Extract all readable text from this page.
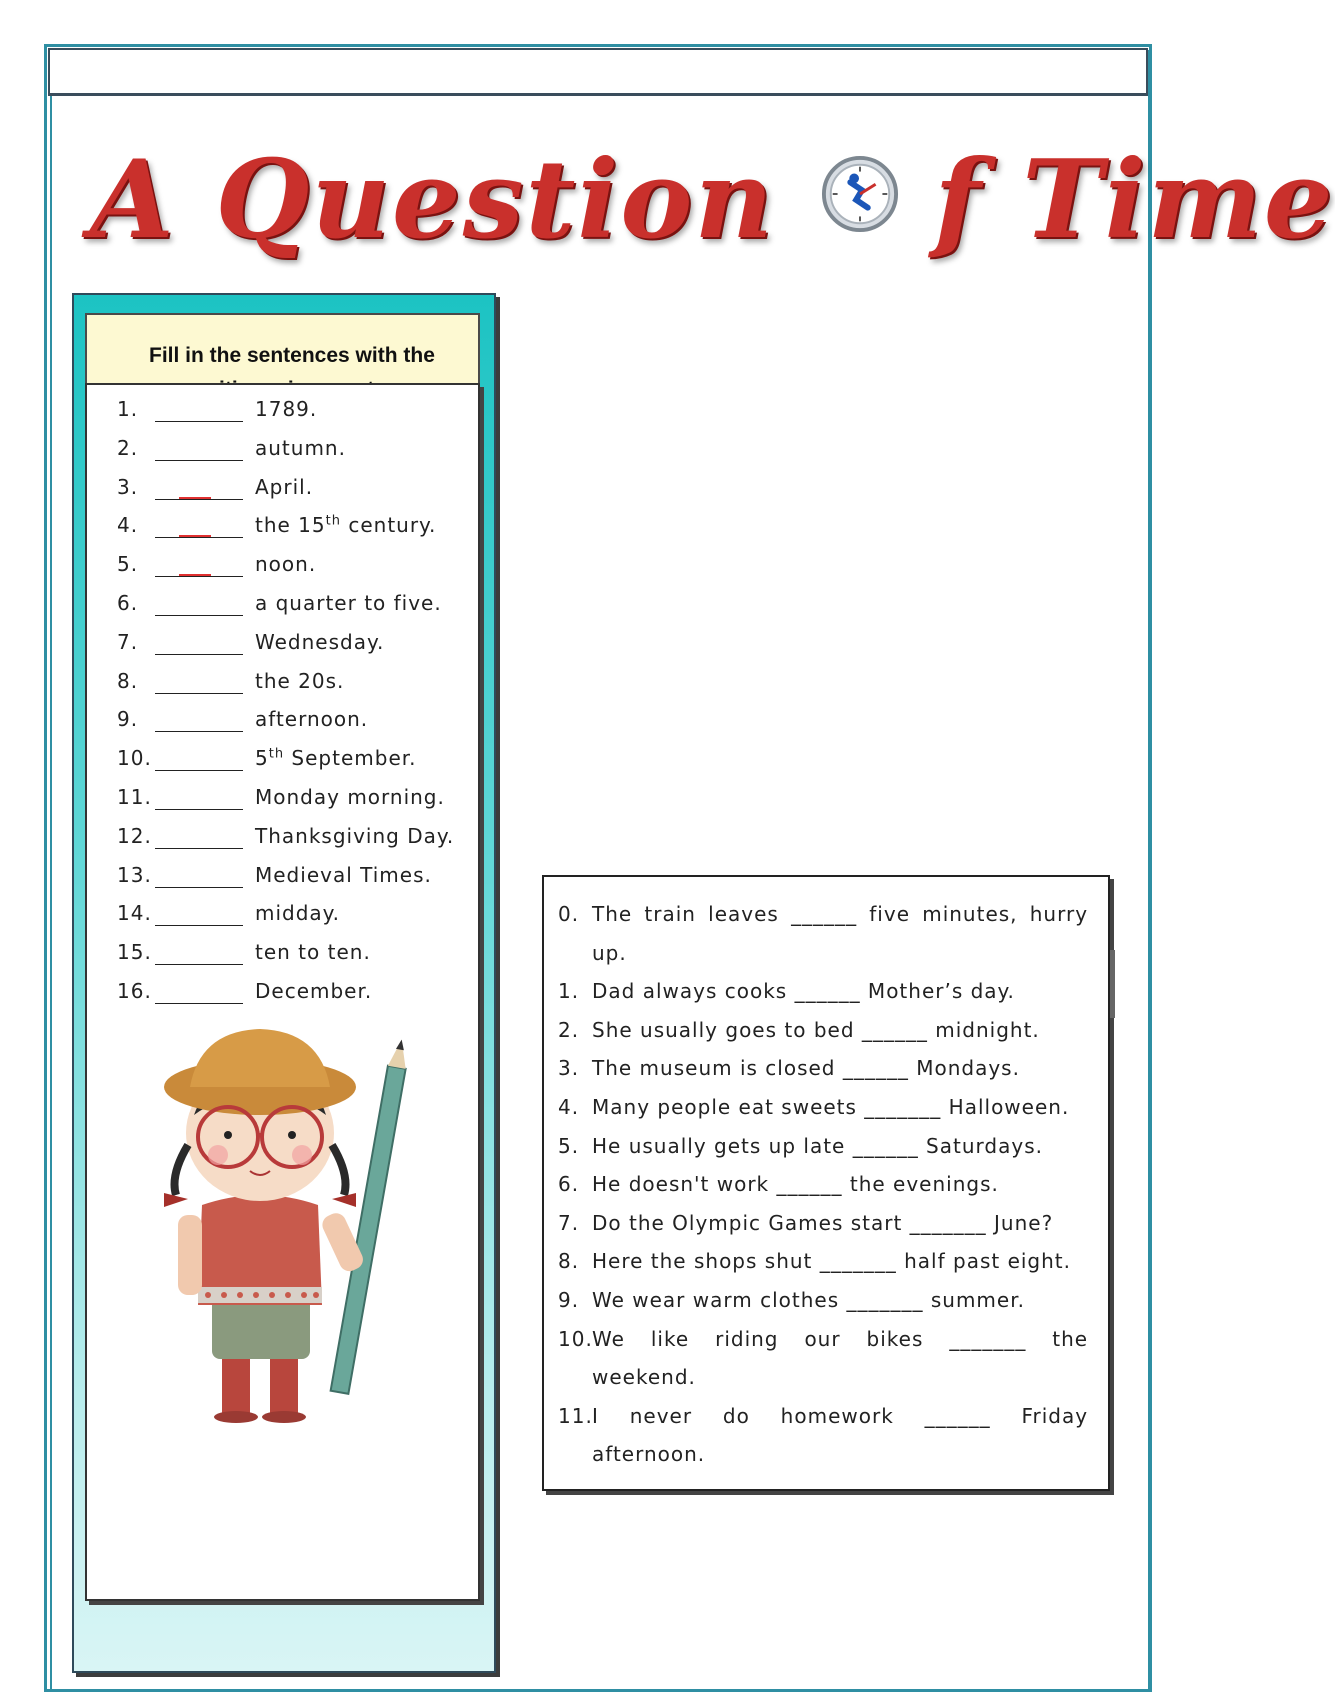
A Question f Time
Fill in the sentences with the
1.	1789.
2.	autumn.
3.	April.
4.	the 15th century.
5.	noon.
6.	a quarter to five.
7.	Wednesday.
8.	the 20s.
9.	afternoon.
10.	5th September.
11.	Monday morning.
12.	Thanksgiving Day.
13.	Medieval Times.
14.	midday.
15.	ten to ten.
16.	December.
0. The train leaves ______ five minutes, hurry
up.
1. Dad always cooks ______ Mother’s day.
2. She usually goes to bed ______ midnight.
3. The museum is closed ______ Mondays.
4. Many people eat sweets _______ Halloween.
5. He usually gets up late ______ Saturdays.
6. He doesn't work ______ the evenings.
7. Do the Olympic Games start _______ June?
8. Here the shops shut _______ half past eight.
9. We wear warm clothes _______ summer.
10. We like riding our bikes _______ the
weekend.
11. I never do homework ______ Friday
afternoon.
